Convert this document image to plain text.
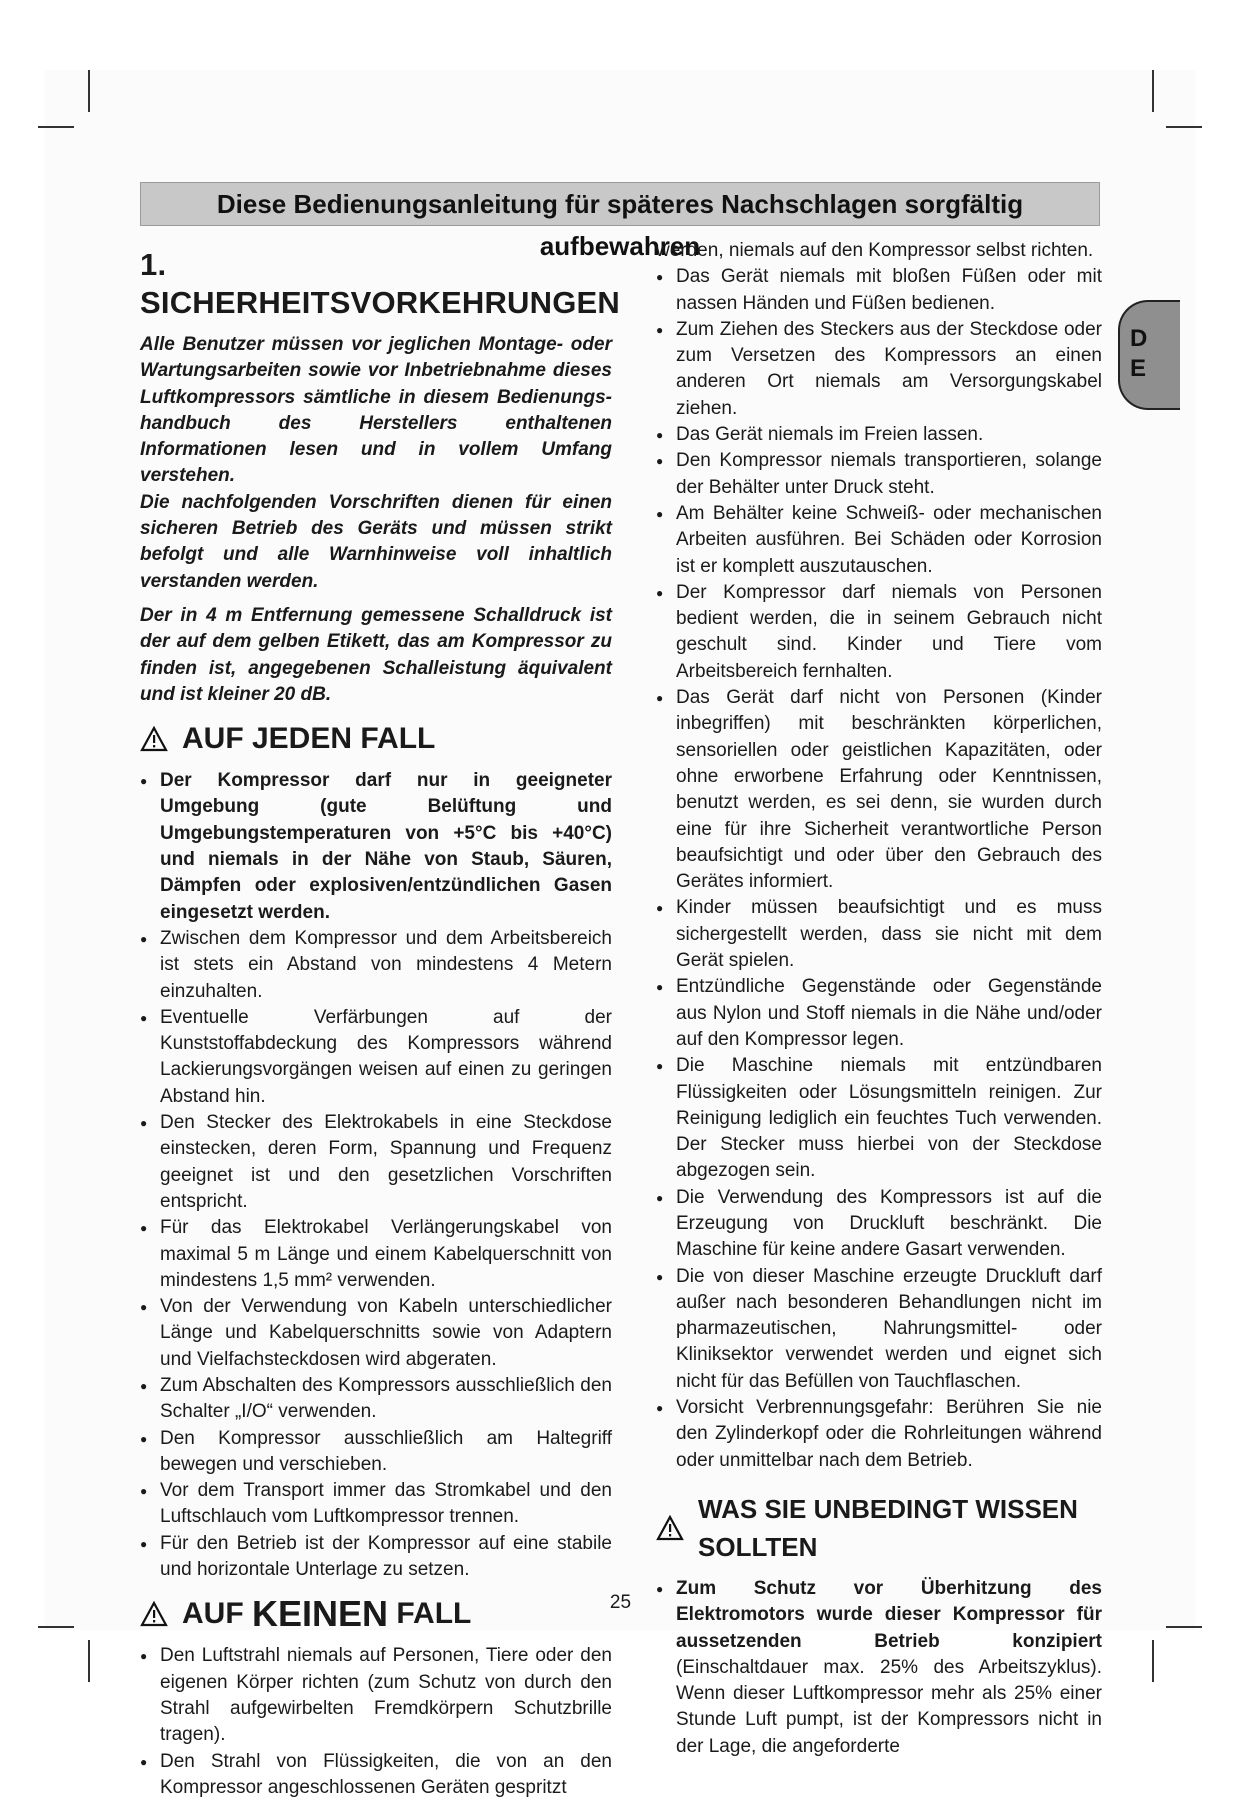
Diese Bedienungsanleitung für späteres Nachschlagen sorgfältig aufbewahren
D
E
1. SICHERHEITSVORKEHRUNGEN

Alle Benutzer müssen vor jeglichen Montage- oder Wartungsarbeiten sowie vor Inbetriebnahme dieses Luftkompressors sämtliche in diesem Bedienungs-handbuch des Herstellers enthaltenen Informationen lesen und in vollem Umfang verstehen.

Die nachfolgenden Vorschriften dienen für einen sicheren Betrieb des Geräts und müssen strikt befolgt und alle Warnhinweise voll inhaltlich verstanden werden.

Der in 4 m Entfernung gemessene Schalldruck ist der auf dem gelben Etikett, das am Kompressor zu finden ist, angegebenen Schalleistung äquivalent und ist kleiner 20 dB.

AUF JEDEN FALL
● Der Kompressor darf nur in geeigneter Umgebung (gute Belüftung und Umgebungstemperaturen von +5°C bis +40°C) und niemals in der Nähe von Staub, Säuren, Dämpfen oder explosiven/entzündlichen Gasen eingesetzt werden.
● Zwischen dem Kompressor und dem Arbeitsbereich ist stets ein Abstand von mindestens 4 Metern einzuhalten.
● Eventuelle Verfärbungen auf der Kunststoffabdeckung des Kompressors während Lackierungsvorgängen weisen auf einen zu geringen Abstand hin.
● Den Stecker des Elektrokabels in eine Steckdose einstecken, deren Form, Spannung und Frequenz geeignet ist und den gesetzlichen Vorschriften entspricht.
● Für das Elektrokabel Verlängerungskabel von maximal 5 m Länge und einem Kabelquerschnitt von mindestens 1,5 mm² verwenden.
● Von der Verwendung von Kabeln unterschiedlicher Länge und Kabelquerschnitts sowie von Adaptern und Vielfachsteckdosen wird abgeraten.
● Zum Abschalten des Kompressors ausschließlich den Schalter „I/O“ verwenden.
● Den Kompressor ausschließlich am Haltegriff bewegen und verschieben.
● Vor dem Transport immer das Stromkabel und den Luftschlauch vom Luftkompressor trennen.
● Für den Betrieb ist der Kompressor auf eine stabile und horizontale Unterlage zu setzen.
AUF
KEINEN
FALL
● Den Luftstrahl niemals auf Personen, Tiere oder den eigenen Körper richten (zum Schutz von durch den Strahl aufgewirbelten Fremdkörpern Schutzbrille tragen).
● Den Strahl von Flüssigkeiten, die von an den Kompressor angeschlossenen Geräten gespritzt

werden, niemals auf den Kompressor selbst richten.

● Das Gerät niemals mit bloßen Füßen oder mit nassen Händen und Füßen bedienen.
● Zum Ziehen des Steckers aus der Steckdose oder zum Versetzen des Kompressors an einen anderen Ort niemals am Versorgungskabel ziehen.
● Das Gerät niemals im Freien lassen.
● Den Kompressor niemals transportieren, solange der Behälter unter Druck steht.
● Am Behälter keine Schweiß- oder mechanischen Arbeiten ausführen. Bei Schäden oder Korrosion ist er komplett auszutauschen.
● Der Kompressor darf niemals von Personen bedient werden, die in seinem Gebrauch nicht geschult sind. Kinder und Tiere vom Arbeitsbereich fernhalten.
● Das Gerät darf nicht von Personen (Kinder inbegriffen) mit beschränkten körperlichen, sensoriellen oder geistlichen Kapazitäten, oder ohne erworbene Erfahrung oder Kenntnissen, benutzt werden, es sei denn, sie wurden durch eine für ihre Sicherheit verantwortliche Person beaufsichtigt und oder über den Gebrauch des Gerätes informiert.
● Kinder müssen beaufsichtigt und es muss sichergestellt werden, dass sie nicht mit dem Gerät spielen.
● Entzündliche Gegenstände oder Gegenstände aus Nylon und Stoff niemals in die Nähe und/oder auf den Kompressor legen.
● Die Maschine niemals mit entzündbaren Flüssigkeiten oder Lösungsmitteln reinigen. Zur Reinigung lediglich ein feuchtes Tuch verwenden. Der Stecker muss hierbei von der Steckdose abgezogen sein.
● Die Verwendung des Kompressors ist auf die Erzeugung von Druckluft beschränkt. Die Maschine für keine andere Gasart verwenden.
● Die von dieser Maschine erzeugte Druckluft darf außer nach besonderen Behandlungen nicht im pharmazeutischen, Nahrungsmittel- oder Kliniksektor verwendet werden und eignet sich nicht für das Befüllen von Tauchflaschen.
● Vorsicht Verbrennungsgefahr: Berühren Sie nie den Zylinderkopf oder die Rohrleitungen während oder unmittelbar nach dem Betrieb.
WAS SIE UNBEDINGT WISSEN SOLLTEN
● Zum Schutz vor Überhitzung des Elektromotors wurde dieser Kompressor für aussetzenden Betrieb konzipiert (Einschaltdauer max. 25% des Arbeitszyklus). Wenn dieser Luftkompressor mehr als 25% einer Stunde Luft pumpt, ist der Kompressors nicht in der Lage, die angeforderte
25
